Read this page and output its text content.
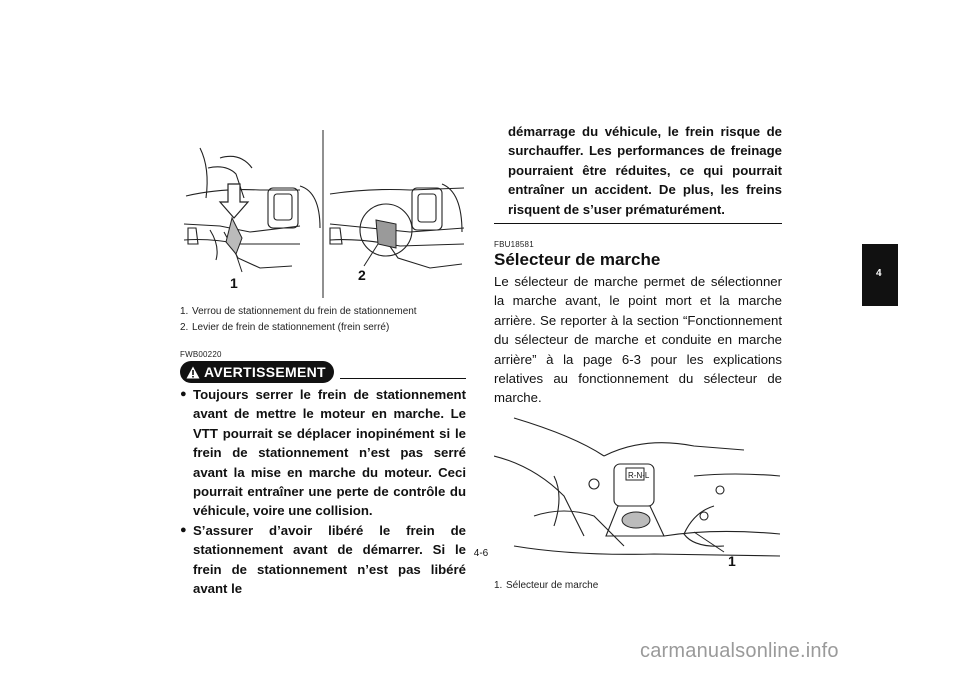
1	2
1. Verrou de stationnement du frein de stationnement
2. Levier de frein de stationnement (frein serré)
FWB00220
AVERTISSEMENT
● Toujours serrer le frein de stationnement avant de mettre le moteur en marche. Le VTT pourrait se déplacer inopinément si le frein de stationnement n’est pas serré avant la mise en marche du moteur. Ceci pourrait entraîner une perte de contrôle du véhicule, voire une collision.
● S’assurer d’avoir libéré le frein de stationnement avant de démarrer. Si le frein de stationnement n’est pas libéré avant le
démarrage du véhicule, le frein risque de surchauffer. Les performances de freinage pourraient être réduites, ce qui pourrait entraîner un accident. De plus, les freins risquent de s’user prématurément.
FBU18581
Sélecteur de marche
Le sélecteur de marche permet de sélectionner la marche avant, le point mort et la marche arrière. Se reporter à la section “Fonctionnement du sélecteur de marche et conduite en marche arrière” à la page 6-3 pour les explications relatives au fonctionnement du sélecteur de marche.
R-N-L
1
1. Sélecteur de marche
4-6
4
carmanualsonline.info
